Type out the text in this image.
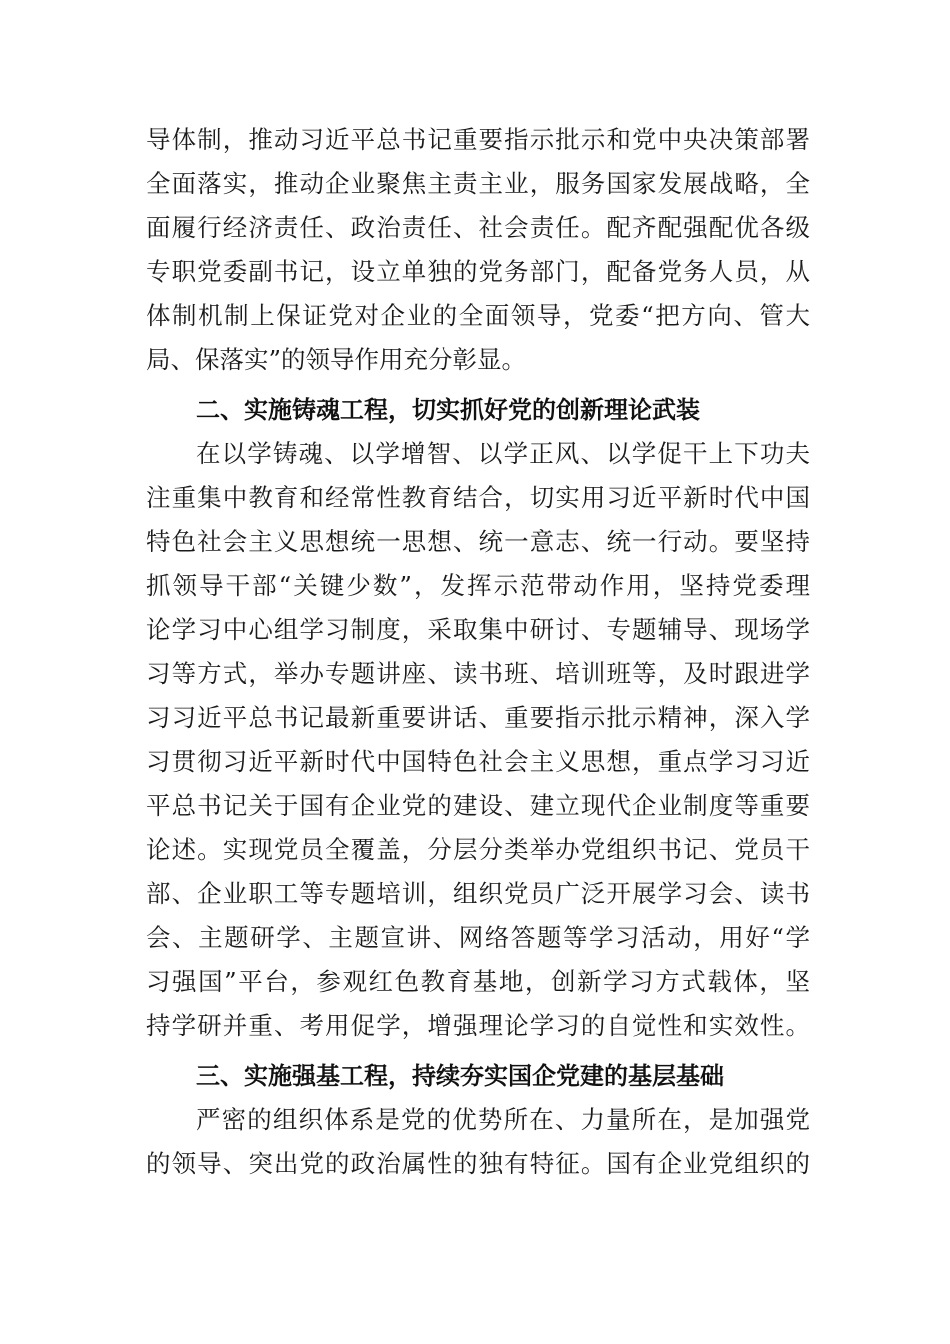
导体制，推动习近平总书记重要指示批示和党中央决策部署
全面落实，推动企业聚焦主责主业，服务国家发展战略，全
面履行经济责任、政治责任、社会责任。配齐配强配优各级
专职党委副书记，设立单独的党务部门，配备党务人员，从
体制机制上保证党对企业的全面领导，党委“把方向、管大
局、保落实”的领导作用充分彰显。
二、实施铸魂工程，切实抓好党的创新理论武装
在以学铸魂、以学增智、以学正风、以学促干上下功夫
注重集中教育和经常性教育结合，切实用习近平新时代中国
特色社会主义思想统一思想、统一意志、统一行动。要坚持
抓领导干部“关键少数”，发挥示范带动作用，坚持党委理
论学习中心组学习制度，采取集中研讨、专题辅导、现场学
习等方式，举办专题讲座、读书班、培训班等，及时跟进学
习习近平总书记最新重要讲话、重要指示批示精神，深入学
习贯彻习近平新时代中国特色社会主义思想，重点学习习近
平总书记关于国有企业党的建设、建立现代企业制度等重要
论述。实现党员全覆盖，分层分类举办党组织书记、党员干
部、企业职工等专题培训，组织党员广泛开展学习会、读书
会、主题研学、主题宣讲、网络答题等学习活动，用好“学
习强国”平台，参观红色教育基地，创新学习方式载体，坚
持学研并重、考用促学，增强理论学习的自觉性和实效性。
三、实施强基工程，持续夯实国企党建的基层基础
严密的组织体系是党的优势所在、力量所在，是加强党
的领导、突出党的政治属性的独有特征。国有企业党组织的
